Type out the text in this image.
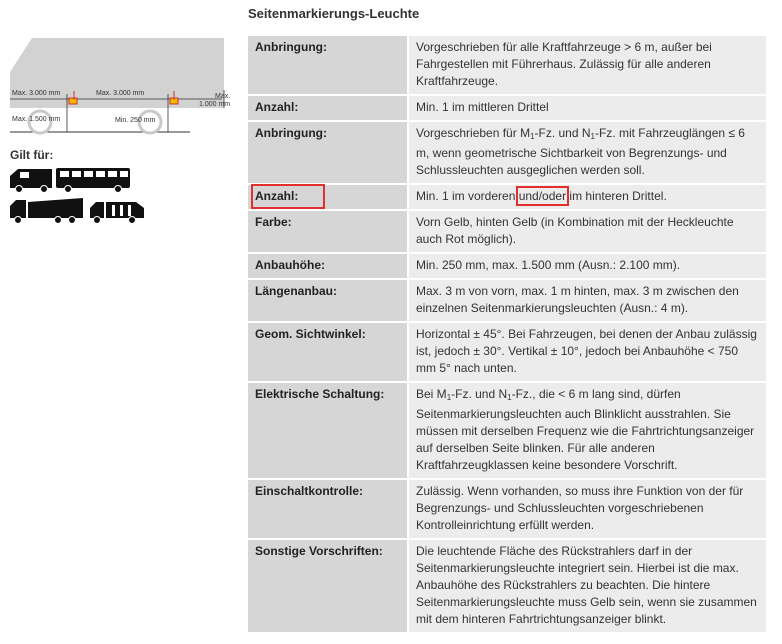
Seitenmarkierungs-Leuchte
Max. 3.000 mm	Max. 3.000 mm	Max.
1.000 mm
Max. 1.500 mm	Min. 250 mm
Gilt für:
Anbringung:	Vorgeschrieben für alle Kraftfahrzeuge > 6 m, außer bei Fahrgestellen mit Führerhaus. Zulässig für alle anderen Kraftfahrzeuge.
Anzahl:	Min. 1 im mittleren Drittel
Anbringung:	Vorgeschrieben für $M_1-Fz$. und $N_1-Fz$. mit Fahrzeuglängen ≤ 6 m, wenn geometrische Sichtbarkeit von Begrenzungs- und Schlussleuchten ausgeglichen werden soll.
Anzahl:	Min. 1 im vorderen und/oder im hinteren Drittel.
Farbe:	Vorn Gelb, hinten Gelb (in Kombination mit der Heckleuchte auch Rot möglich).
Anbauhöhe:	Min. 250 mm, max. 1.500 mm (Ausn.: 2.100 mm).
Längenanbau:	Max. 3 m von vorn, max. 1 m hinten, max. 3 m zwischen den einzelnen Seitenmarkierungsleuchten (Ausn.: 4 m).
Geom. Sichtwinkel:	Horizontal ± 45°. Bei Fahrzeugen, bei denen der Anbau zulässig ist, jedoch ± 30°. Vertikal ± 10°, jedoch bei Anbauhöhe < 750 mm 5° nach unten.
Elektrische Schaltung:	Bei $M_1-Fz$. und $N_1-Fz$., die < 6 m lang sind, dürfen Seitenmarkierungsleuchten auch Blinklicht ausstrahlen. Sie müssen mit derselben Frequenz wie die Fahrtrichtungsanzeiger auf derselben Seite blinken. Für alle anderen Kraftfahrzeugklassen keine besondere Vorschrift.
Einschaltkontrolle:	Zulässig. Wenn vorhanden, so muss ihre Funktion von der für Begrenzungs- und Schlussleuchten vorgeschriebenen Kontrolleinrichtung erfüllt werden.
Sonstige Vorschriften:	Die leuchtende Fläche des Rückstrahlers darf in der Seitenmarkierungsleuchte integriert sein. Hierbei ist die max. Anbauhöhe des Rückstrahlers zu beachten. Die hintere Seitenmarkierungsleuchte muss Gelb sein, wenn sie zusammen mit dem hinteren Fahrtrichtungsanzeiger blinkt.
